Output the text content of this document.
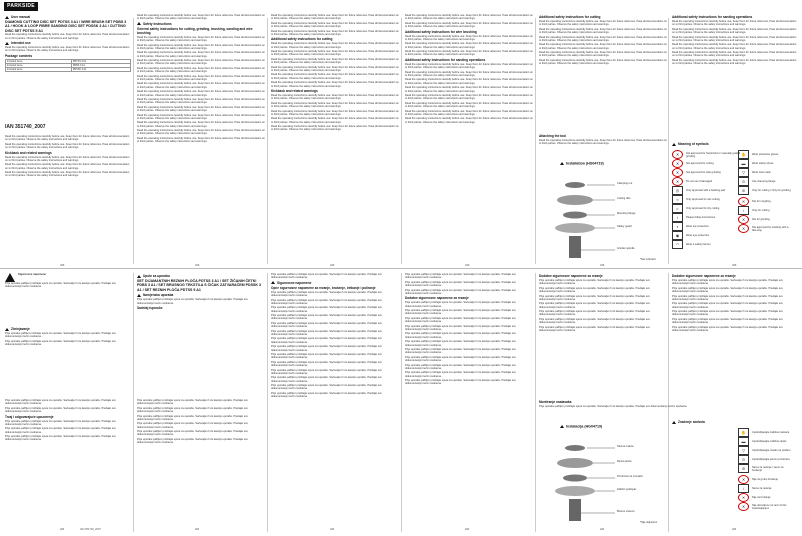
PARKSIDE
User manual
DIAMOND CUTTING DISC SET PDTSS 3 A1 / WIRE BRUSH SET PDBS 3 A1 / HOOK & LOOP FIBRE SANDING DISC SET PDSSK 3 A1 / CUTTING DISC SET PDTSS 5 A1

Read the operating instructions carefully before use. Keep them for future reference. Pass all documentation on to third parties. Observe the safety instructions and warnings.

Intended use

Read the operating instructions carefully before use. Keep them for future reference. Pass all documentation on to third parties. Observe the safety instructions and warnings.

Package contents
Included items	PDTSS 3 A1
Included items	PDBS 3 A1
Included items	PDSSK 3 A1
IAN 351740_2007

Read the operating instructions carefully before use. Keep them for future reference. Pass all documentation on to third parties. Observe the safety instructions and warnings.

Read the operating instructions carefully before use. Keep them for future reference. Pass all documentation on to third parties. Observe the safety instructions and warnings.

Kickback and related warnings

Read the operating instructions carefully before use. Keep them for future reference. Pass all documentation on to third parties. Observe the safety instructions and warnings.

Read the operating instructions carefully before use. Keep them for future reference. Pass all documentation on to third parties. Observe the safety instructions and warnings.

Read the operating instructions carefully before use. Keep them for future reference. Pass all documentation on to third parties. Observe the safety instructions and warnings.

Read the operating instructions carefully before use. Keep them for future reference. Pass all documentation on to third parties. Observe the safety instructions and warnings.

Safety instructions
General safety instructions for cutting, grinding, brushing, sanding and wire brushing

Read the operating instructions carefully before use. Keep them for future reference. Pass all documentation on to third parties. Observe the safety instructions and warnings.

Read the operating instructions carefully before use. Keep them for future reference. Pass all documentation on to third parties. Observe the safety instructions and warnings.

Read the operating instructions carefully before use. Keep them for future reference. Pass all documentation on to third parties. Observe the safety instructions and warnings.

Read the operating instructions carefully before use. Keep them for future reference. Pass all documentation on to third parties. Observe the safety instructions and warnings.

Read the operating instructions carefully before use. Keep them for future reference. Pass all documentation on to third parties. Observe the safety instructions and warnings.

Read the operating instructions carefully before use. Keep them for future reference. Pass all documentation on to third parties. Observe the safety instructions and warnings.

Read the operating instructions carefully before use. Keep them for future reference. Pass all documentation on to third parties. Observe the safety instructions and warnings.

Read the operating instructions carefully before use. Keep them for future reference. Pass all documentation on to third parties. Observe the safety instructions and warnings.

Read the operating instructions carefully before use. Keep them for future reference. Pass all documentation on to third parties. Observe the safety instructions and warnings.

Read the operating instructions carefully before use. Keep them for future reference. Pass all documentation on to third parties. Observe the safety instructions and warnings.

Read the operating instructions carefully before use. Keep them for future reference. Pass all documentation on to third parties. Observe the safety instructions and warnings.

Read the operating instructions carefully before use. Keep them for future reference. Pass all documentation on to third parties. Observe the safety instructions and warnings.

Read the operating instructions carefully before use. Keep them for future reference. Pass all documentation on to third parties. Observe the safety instructions and warnings.

Read the operating instructions carefully before use. Keep them for future reference. Pass all documentation on to third parties. Observe the safety instructions and warnings.

Read the operating instructions carefully before use. Keep them for future reference. Pass all documentation on to third parties. Observe the safety instructions and warnings.

Read the operating instructions carefully before use. Keep them for future reference. Pass all documentation on to third parties. Observe the safety instructions and warnings.

Read the operating instructions carefully before use. Keep them for future reference. Pass all documentation on to third parties. Observe the safety instructions and warnings.

Additional safety instructions for cutting

Read the operating instructions carefully before use. Keep them for future reference. Pass all documentation on to third parties. Observe the safety instructions and warnings.

Read the operating instructions carefully before use. Keep them for future reference. Pass all documentation on to third parties. Observe the safety instructions and warnings.

Read the operating instructions carefully before use. Keep them for future reference. Pass all documentation on to third parties. Observe the safety instructions and warnings.

Read the operating instructions carefully before use. Keep them for future reference. Pass all documentation on to third parties. Observe the safety instructions and warnings.

Read the operating instructions carefully before use. Keep them for future reference. Pass all documentation on to third parties. Observe the safety instructions and warnings.

Read the operating instructions carefully before use. Keep them for future reference. Pass all documentation on to third parties. Observe the safety instructions and warnings.

Kickback and related warnings

Read the operating instructions carefully before use. Keep them for future reference. Pass all documentation on to third parties. Observe the safety instructions and warnings.

Read the operating instructions carefully before use. Keep them for future reference. Pass all documentation on to third parties. Observe the safety instructions and warnings.

Read the operating instructions carefully before use. Keep them for future reference. Pass all documentation on to third parties. Observe the safety instructions and warnings.

Read the operating instructions carefully before use. Keep them for future reference. Pass all documentation on to third parties. Observe the safety instructions and warnings.

Read the operating instructions carefully before use. Keep them for future reference. Pass all documentation on to third parties. Observe the safety instructions and warnings.

Read the operating instructions carefully before use. Keep them for future reference. Pass all documentation on to third parties. Observe the safety instructions and warnings.

Read the operating instructions carefully before use. Keep them for future reference. Pass all documentation on to third parties. Observe the safety instructions and warnings.

Additional safety instructions for wire brushing

Read the operating instructions carefully before use. Keep them for future reference. Pass all documentation on to third parties. Observe the safety instructions and warnings.

Read the operating instructions carefully before use. Keep them for future reference. Pass all documentation on to third parties. Observe the safety instructions and warnings.

Read the operating instructions carefully before use. Keep them for future reference. Pass all documentation on to third parties. Observe the safety instructions and warnings.

Additional safety instructions for sanding operations

Read the operating instructions carefully before use. Keep them for future reference. Pass all documentation on to third parties. Observe the safety instructions and warnings.

Read the operating instructions carefully before use. Keep them for future reference. Pass all documentation on to third parties. Observe the safety instructions and warnings.

Read the operating instructions carefully before use. Keep them for future reference. Pass all documentation on to third parties. Observe the safety instructions and warnings.

Read the operating instructions carefully before use. Keep them for future reference. Pass all documentation on to third parties. Observe the safety instructions and warnings.

Read the operating instructions carefully before use. Keep them for future reference. Pass all documentation on to third parties. Observe the safety instructions and warnings.

Read the operating instructions carefully before use. Keep them for future reference. Pass all documentation on to third parties. Observe the safety instructions and warnings.

Read the operating instructions carefully before use. Keep them for future reference. Pass all documentation on to third parties. Observe the safety instructions and warnings.

Read the operating instructions carefully before use. Keep them for future reference. Pass all documentation on to third parties. Observe the safety instructions and warnings.

Additional safety instructions for cutting

Read the operating instructions carefully before use. Keep them for future reference. Pass all documentation on to third parties. Observe the safety instructions and warnings.

Read the operating instructions carefully before use. Keep them for future reference. Pass all documentation on to third parties. Observe the safety instructions and warnings.

Read the operating instructions carefully before use. Keep them for future reference. Pass all documentation on to third parties. Observe the safety instructions and warnings.

Read the operating instructions carefully before use. Keep them for future reference. Pass all documentation on to third parties. Observe the safety instructions and warnings.

Read the operating instructions carefully before use. Keep them for future reference. Pass all documentation on to third parties. Observe the safety instructions and warnings.

Read the operating instructions carefully before use. Keep them for future reference. Pass all documentation on to third parties. Observe the safety instructions and warnings.

Additional safety instructions for sanding operations

Read the operating instructions carefully before use. Keep them for future reference. Pass all documentation on to third parties. Observe the safety instructions and warnings.

Read the operating instructions carefully before use. Keep them for future reference. Pass all documentation on to third parties. Observe the safety instructions and warnings.

Read the operating instructions carefully before use. Keep them for future reference. Pass all documentation on to third parties. Observe the safety instructions and warnings.

Read the operating instructions carefully before use. Keep them for future reference. Pass all documentation on to third parties. Observe the safety instructions and warnings.

Read the operating instructions carefully before use. Keep them for future reference. Pass all documentation on to third parties. Observe the safety instructions and warnings.

Read the operating instructions carefully before use. Keep them for future reference. Pass all documentation on to third parties. Observe the safety instructions and warnings.

Attaching the tool

Read the operating instructions carefully before use. Keep them for future reference. Pass all documentation on to third parties. Observe the safety instructions and warnings.

Installation (HG04719)
Clamping nut
Cutting disc
Mounting flange
Safety guard
Grinder spindle
*Not included
Meaning of symbols
✕	Not approved for hand-held or manually guided grinding
✕	Not approved for cutting
✕	Not approved for side grinding
✕	Do not use if damaged
◎	Only approved with a backing pad
≈	Only approved for wet cutting
☼	Only approved for dry cutting
i	Please follow instructions
◗	Wear ear protection
◉	Wear eye protection
◠	Wear a safety helmet
✋	Wear protective gloves
▬	Wear safety shoes
▽	Wear dust mask
⊙	Use clamping flange
⊘	Only for cutting / Only for grinding
✕	Not for roughing
/	Only for cutting
✕	Not for grinding
✕	Not approved for working with a fast-stop
GB	GB	GB	GB	GB	GB
Sigurnosne napomene

Prije uporabe pažljivo pročitajte upute za uporabu. Sačuvajte ih za kasniju uporabu. Predajte svu dokumentaciju trećim osobama.

Zbrinjavanje

Prije uporabe pažljivo pročitajte upute za uporabu. Sačuvajte ih za kasniju uporabu. Predajte svu dokumentaciju trećim osobama.

Prije uporabe pažljivo pročitajte upute za uporabu. Sačuvajte ih za kasniju uporabu. Predajte svu dokumentaciju trećim osobama.

Prije uporabe pažljivo pročitajte upute za uporabu. Sačuvajte ih za kasniju uporabu. Predajte svu dokumentaciju trećim osobama.

Prije uporabe pažljivo pročitajte upute za uporabu. Sačuvajte ih za kasniju uporabu. Predajte svu dokumentaciju trećim osobama.

Trzaj i odgovarajuće upozorenje

Prije uporabe pažljivo pročitajte upute za uporabu. Sačuvajte ih za kasniju uporabu. Predajte svu dokumentaciju trećim osobama.

Prije uporabe pažljivo pročitajte upute za uporabu. Sačuvajte ih za kasniju uporabu. Predajte svu dokumentaciju trećim osobama.

Prije uporabe pažljivo pročitajte upute za uporabu. Sačuvajte ih za kasniju uporabu. Predajte svu dokumentaciju trećim osobama.

Upute za uporabu
SET DIJAMANTNIH REZNIH PLOČA PDTSS 3 A1 / SET ŽIČANIH ČETKI PDBS 3 A1 / SET BRUSNOG TEKSTILA S ČIČAK ZATVARAČEM PDSSK 3 A1 / SET REZNIH PLOČA PDTSS 5 A1
Namjenska uporaba

Prije uporabe pažljivo pročitajte upute za uporabu. Sačuvajte ih za kasniju uporabu. Predajte svu dokumentaciju trećim osobama.

Sadržaj isporuke

Prije uporabe pažljivo pročitajte upute za uporabu. Sačuvajte ih za kasniju uporabu. Predajte svu dokumentaciju trećim osobama.

Prije uporabe pažljivo pročitajte upute za uporabu. Sačuvajte ih za kasniju uporabu. Predajte svu dokumentaciju trećim osobama.

Prije uporabe pažljivo pročitajte upute za uporabu. Sačuvajte ih za kasniju uporabu. Predajte svu dokumentaciju trećim osobama.

Prije uporabe pažljivo pročitajte upute za uporabu. Sačuvajte ih za kasniju uporabu. Predajte svu dokumentaciju trećim osobama.

Prije uporabe pažljivo pročitajte upute za uporabu. Sačuvajte ih za kasniju uporabu. Predajte svu dokumentaciju trećim osobama.

Prije uporabe pažljivo pročitajte upute za uporabu. Sačuvajte ih za kasniju uporabu. Predajte svu dokumentaciju trećim osobama.

Prije uporabe pažljivo pročitajte upute za uporabu. Sačuvajte ih za kasniju uporabu. Predajte svu dokumentaciju trećim osobama.

Sigurnosne napomene
Opće sigurnosne napomene za rezanje, brušenje, četkanje i poliranje

Prije uporabe pažljivo pročitajte upute za uporabu. Sačuvajte ih za kasniju uporabu. Predajte svu dokumentaciju trećim osobama.

Prije uporabe pažljivo pročitajte upute za uporabu. Sačuvajte ih za kasniju uporabu. Predajte svu dokumentaciju trećim osobama.

Prije uporabe pažljivo pročitajte upute za uporabu. Sačuvajte ih za kasniju uporabu. Predajte svu dokumentaciju trećim osobama.

Prije uporabe pažljivo pročitajte upute za uporabu. Sačuvajte ih za kasniju uporabu. Predajte svu dokumentaciju trećim osobama.

Prije uporabe pažljivo pročitajte upute za uporabu. Sačuvajte ih za kasniju uporabu. Predajte svu dokumentaciju trećim osobama.

Prije uporabe pažljivo pročitajte upute za uporabu. Sačuvajte ih za kasniju uporabu. Predajte svu dokumentaciju trećim osobama.

Prije uporabe pažljivo pročitajte upute za uporabu. Sačuvajte ih za kasniju uporabu. Predajte svu dokumentaciju trećim osobama.

Prije uporabe pažljivo pročitajte upute za uporabu. Sačuvajte ih za kasniju uporabu. Predajte svu dokumentaciju trećim osobama.

Prije uporabe pažljivo pročitajte upute za uporabu. Sačuvajte ih za kasniju uporabu. Predajte svu dokumentaciju trećim osobama.

Prije uporabe pažljivo pročitajte upute za uporabu. Sačuvajte ih za kasniju uporabu. Predajte svu dokumentaciju trećim osobama.

Prije uporabe pažljivo pročitajte upute za uporabu. Sačuvajte ih za kasniju uporabu. Predajte svu dokumentaciju trećim osobama.

Prije uporabe pažljivo pročitajte upute za uporabu. Sačuvajte ih za kasniju uporabu. Predajte svu dokumentaciju trećim osobama.

Prije uporabe pažljivo pročitajte upute za uporabu. Sačuvajte ih za kasniju uporabu. Predajte svu dokumentaciju trećim osobama.

Prije uporabe pažljivo pročitajte upute za uporabu. Sačuvajte ih za kasniju uporabu. Predajte svu dokumentaciju trećim osobama.

Prije uporabe pažljivo pročitajte upute za uporabu. Sačuvajte ih za kasniju uporabu. Predajte svu dokumentaciju trećim osobama.

Prije uporabe pažljivo pročitajte upute za uporabu. Sačuvajte ih za kasniju uporabu. Predajte svu dokumentaciju trećim osobama.

Prije uporabe pažljivo pročitajte upute za uporabu. Sačuvajte ih za kasniju uporabu. Predajte svu dokumentaciju trećim osobama.

Dodatne sigurnosne napomene za rezanje

Prije uporabe pažljivo pročitajte upute za uporabu. Sačuvajte ih za kasniju uporabu. Predajte svu dokumentaciju trećim osobama.

Prije uporabe pažljivo pročitajte upute za uporabu. Sačuvajte ih za kasniju uporabu. Predajte svu dokumentaciju trećim osobama.

Prije uporabe pažljivo pročitajte upute za uporabu. Sačuvajte ih za kasniju uporabu. Predajte svu dokumentaciju trećim osobama.

Prije uporabe pažljivo pročitajte upute za uporabu. Sačuvajte ih za kasniju uporabu. Predajte svu dokumentaciju trećim osobama.

Prije uporabe pažljivo pročitajte upute za uporabu. Sačuvajte ih za kasniju uporabu. Predajte svu dokumentaciju trećim osobama.

Prije uporabe pažljivo pročitajte upute za uporabu. Sačuvajte ih za kasniju uporabu. Predajte svu dokumentaciju trećim osobama.

Prije uporabe pažljivo pročitajte upute za uporabu. Sačuvajte ih za kasniju uporabu. Predajte svu dokumentaciju trećim osobama.

Prije uporabe pažljivo pročitajte upute za uporabu. Sačuvajte ih za kasniju uporabu. Predajte svu dokumentaciju trećim osobama.

Prije uporabe pažljivo pročitajte upute za uporabu. Sačuvajte ih za kasniju uporabu. Predajte svu dokumentaciju trećim osobama.

Prije uporabe pažljivo pročitajte upute za uporabu. Sačuvajte ih za kasniju uporabu. Predajte svu dokumentaciju trećim osobama.

Prije uporabe pažljivo pročitajte upute za uporabu. Sačuvajte ih za kasniju uporabu. Predajte svu dokumentaciju trećim osobama.

Dodatne sigurnosne napomene za rezanje

Prije uporabe pažljivo pročitajte upute za uporabu. Sačuvajte ih za kasniju uporabu. Predajte svu dokumentaciju trećim osobama.

Prije uporabe pažljivo pročitajte upute za uporabu. Sačuvajte ih za kasniju uporabu. Predajte svu dokumentaciju trećim osobama.

Prije uporabe pažljivo pročitajte upute za uporabu. Sačuvajte ih za kasniju uporabu. Predajte svu dokumentaciju trećim osobama.

Prije uporabe pažljivo pročitajte upute za uporabu. Sačuvajte ih za kasniju uporabu. Predajte svu dokumentaciju trećim osobama.

Prije uporabe pažljivo pročitajte upute za uporabu. Sačuvajte ih za kasniju uporabu. Predajte svu dokumentaciju trećim osobama.

Prije uporabe pažljivo pročitajte upute za uporabu. Sačuvajte ih za kasniju uporabu. Predajte svu dokumentaciju trećim osobama.

Prije uporabe pažljivo pročitajte upute za uporabu. Sačuvajte ih za kasniju uporabu. Predajte svu dokumentaciju trećim osobama.

Dodatne sigurnosne napomene za rezanje

Prije uporabe pažljivo pročitajte upute za uporabu. Sačuvajte ih za kasniju uporabu. Predajte svu dokumentaciju trećim osobama.

Prije uporabe pažljivo pročitajte upute za uporabu. Sačuvajte ih za kasniju uporabu. Predajte svu dokumentaciju trećim osobama.

Prije uporabe pažljivo pročitajte upute za uporabu. Sačuvajte ih za kasniju uporabu. Predajte svu dokumentaciju trećim osobama.

Prije uporabe pažljivo pročitajte upute za uporabu. Sačuvajte ih za kasniju uporabu. Predajte svu dokumentaciju trećim osobama.

Prije uporabe pažljivo pročitajte upute za uporabu. Sačuvajte ih za kasniju uporabu. Predajte svu dokumentaciju trećim osobama.

Prije uporabe pažljivo pročitajte upute za uporabu. Sačuvajte ih za kasniju uporabu. Predajte svu dokumentaciju trećim osobama.

Prije uporabe pažljivo pročitajte upute za uporabu. Sačuvajte ih za kasniju uporabu. Predajte svu dokumentaciju trećim osobama.

Montiranje nastavaka

Prije uporabe pažljivo pročitajte upute za uporabu. Sačuvajte ih za kasniju uporabu. Predajte svu dokumentaciju trećim osobama.

Instalacija (HG04719)
Stezna matica
Rezna ploča
Prirubnica za montažu
Zaštitni poklopac
Brusno vreteno
*Nije uključeno
Značenje simbola
✋	Upotrebljavajte zaštitne rukavice
▬	Upotrebljavajte zaštitne cipele
▽	Upotrebljavajte masku za prašinu
⊙	Upotrebljavajte steznu prirubnicu
⊘	Samo za rezanje / samo za brušenje
✕	Nije za grubo brušenje
/	Samo za rezanje
✕	Nije za brušenje
✕	Nije dozvoljeno za rad s brzim zaustavljanjem
HR	HR	HR	HR	HR	HR
IAN 351740_2007
